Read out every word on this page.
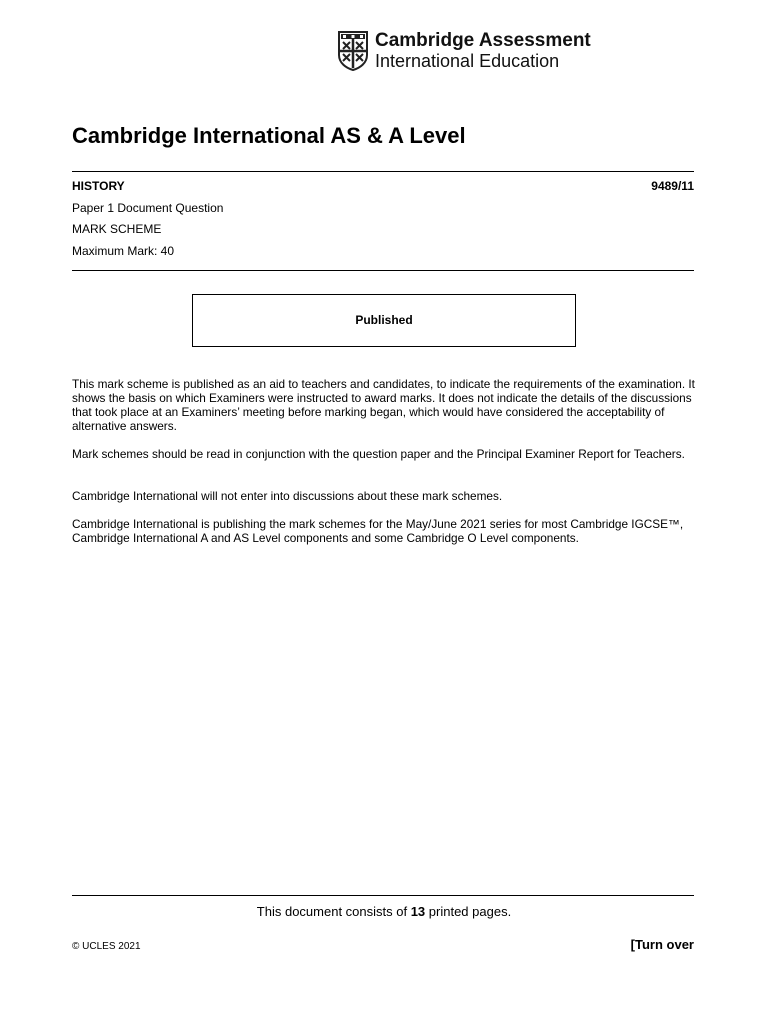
Cambridge Assessment
International Education
Cambridge International AS & A Level
HISTORY	9489/11
Paper 1 Document Question
MARK SCHEME
Maximum Mark: 40
Published

This mark scheme is published as an aid to teachers and candidates, to indicate the requirements of the examination. It shows the basis on which Examiners were instructed to award marks. It does not indicate the details of the discussions that took place at an Examiners’ meeting before marking began, which would have considered the acceptability of alternative answers.

Mark schemes should be read in conjunction with the question paper and the Principal Examiner Report for Teachers.

Cambridge International will not enter into discussions about these mark schemes.

Cambridge International is publishing the mark schemes for the May/June 2021 series for most Cambridge IGCSE™, Cambridge International A and AS Level components and some Cambridge O Level components.

This document consists of 13 printed pages.
© UCLES 2021	[Turn over
